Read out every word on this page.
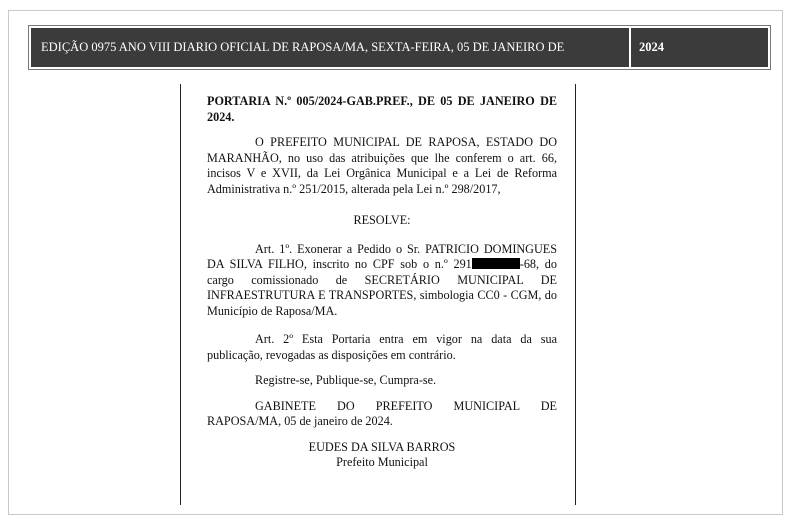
EDIÇÃO 0975 ANO VIII DIARIO OFICIAL DE RAPOSA/MA, SEXTA-FEIRA, 05 DE JANEIRO DE	2024

PORTARIA N.º 005/2024-GAB.PREF., DE 05 DE JANEIRO DE 2024.

O PREFEITO MUNICIPAL DE RAPOSA, ESTADO DO MARANHÃO, no uso das atribuições que lhe conferem o art. 66, incisos V e XVII, da Lei Orgânica Municipal e a Lei de Reforma Administrativa n.º 251/2015, alterada pela Lei n.º 298/2017,

RESOLVE:

Art. 1º. Exonerar a Pedido o Sr. PATRICIO DOMINGUES DA SILVA FILHO, inscrito no CPF sob o n.º 291	-68, do cargo comissionado de SECRETÁRIO MUNICIPAL DE INFRAESTRUTURA E TRANSPORTES, simbologia CC0 - CGM, do Município de Raposa/MA.

Art. 2º Esta Portaria entra em vigor na data da sua publicação, revogadas as disposições em contrário.

Registre-se, Publique-se, Cumpra-se.

GABINETE DO PREFEITO MUNICIPAL DE RAPOSA/MA, 05 de janeiro de 2024.

EUDES DA SILVA BARROS

Prefeito Municipal
